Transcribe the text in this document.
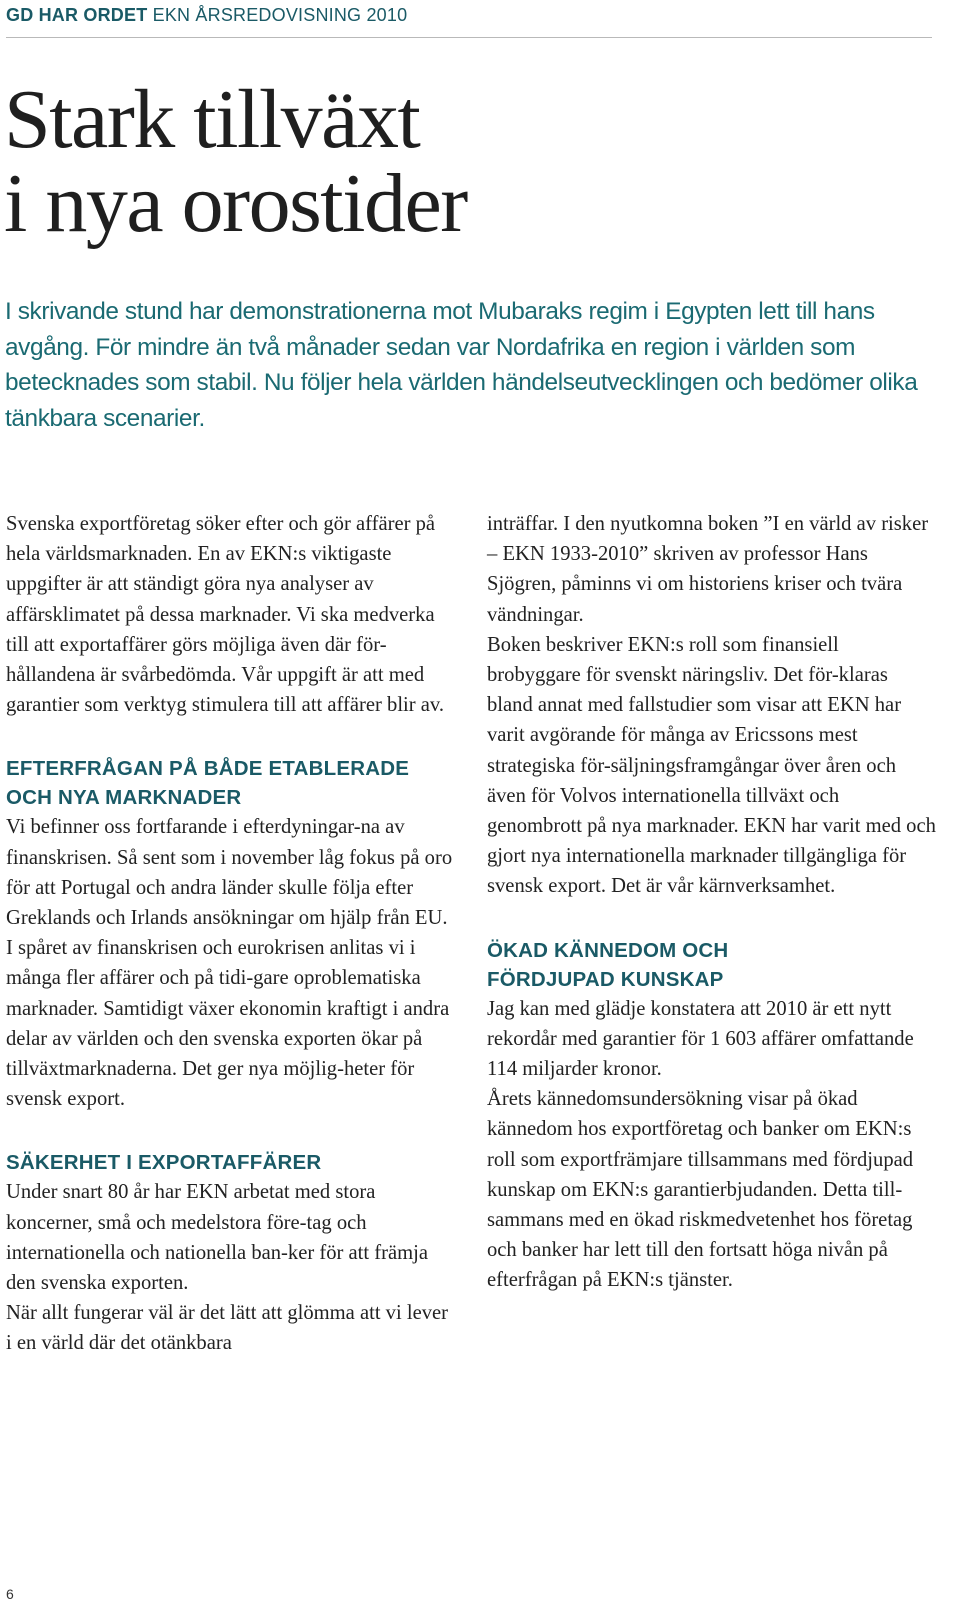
GD HAR ORDET EKN ÅRSREDOVISNING 2010
Stark tillväxt
i nya orostider

I skrivande stund har demonstrationerna mot Mubaraks regim i Egypten lett till hans avgång. För mindre än två månader sedan var Nordafrika en region i världen som betecknades som stabil. Nu följer hela världen händelseutvecklingen och bedömer olika tänkbara scenarier.

Svenska exportföretag söker efter och gör affärer på hela världsmarknaden. En av EKN:s viktigaste uppgifter är att ständigt göra nya analyser av affärsklimatet på dessa marknader. Vi ska medverka till att exportaffärer görs möjliga även där för-hållandena är svårbedömda. Vår uppgift är att med garantier som verktyg stimulera till att affärer blir av.

EFTERFRÅGAN PÅ BÅDE ETABLERADE
OCH NYA MARKNADER

Vi befinner oss fortfarande i efterdyningar-na av finanskrisen. Så sent som i november låg fokus på oro för att Portugal och andra länder skulle följa efter Greklands och Irlands ansökningar om hjälp från EU.

I spåret av finanskrisen och eurokrisen anlitas vi i många fler affärer och på tidi-gare oproblematiska marknader. Samtidigt växer ekonomin kraftigt i andra delar av världen och den svenska exporten ökar på tillväxtmarknaderna. Det ger nya möjlig-heter för svensk export.

SÄKERHET I EXPORTAFFÄRER

Under snart 80 år har EKN arbetat med stora koncerner, små och medelstora före-tag och internationella och nationella ban-ker för att främja den svenska exporten.

När allt fungerar väl är det lätt att glömma att vi lever i en värld där det otänkbara

inträffar. I den nyutkomna boken ”I en värld av risker – EKN 1933-2010” skriven av professor Hans Sjögren, påminns vi om historiens kriser och tvära vändningar.

Boken beskriver EKN:s roll som finansiell brobyggare för svenskt näringsliv. Det för-klaras bland annat med fallstudier som visar att EKN har varit avgörande för många av Ericssons mest strategiska för-säljningsframgångar över åren och även för Volvos internationella tillväxt och genombrott på nya marknader. EKN har varit med och gjort nya internationella marknader tillgängliga för svensk export. Det är vår kärnverksamhet.

ÖKAD KÄNNEDOM OCH
FÖRDJUPAD KUNSKAP

Jag kan med glädje konstatera att 2010 är ett nytt rekordår med garantier för 1 603 affärer omfattande 114 miljarder kronor.

Årets kännedomsundersökning visar på ökad kännedom hos exportföretag och banker om EKN:s roll som exportfrämjare tillsammans med fördjupad kunskap om EKN:s garantierbjudanden. Detta till-sammans med en ökad riskmedvetenhet hos företag och banker har lett till den fortsatt höga nivån på efterfrågan på EKN:s tjänster.

6
